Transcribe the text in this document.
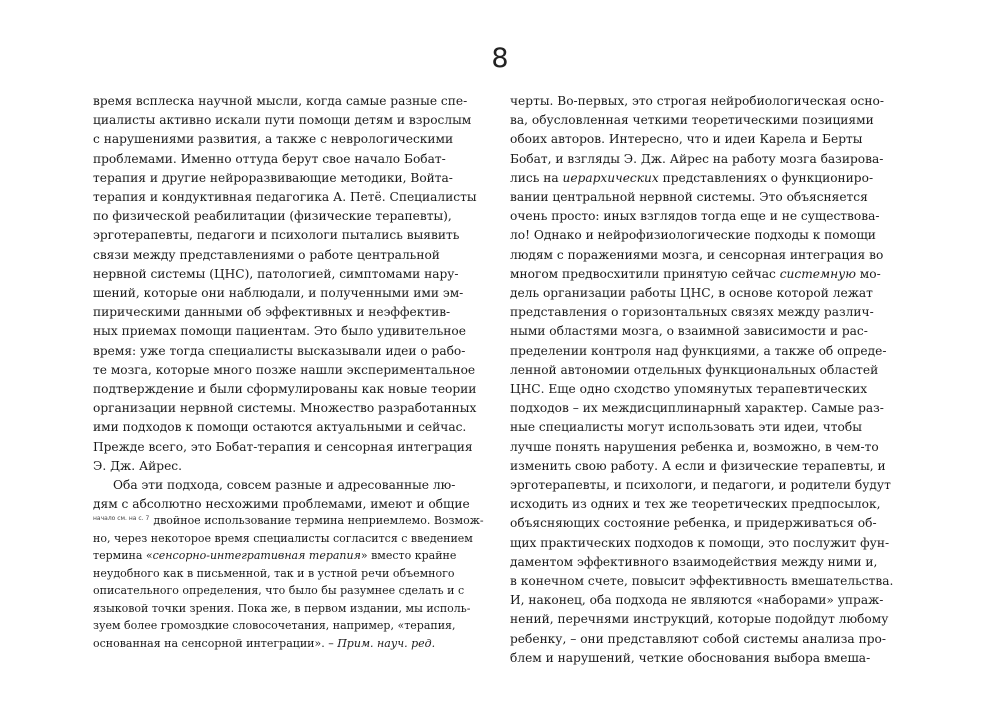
8
время всплеска научной мысли, когда самые разные спе-
циалисты активно искали пути помощи детям и взрослым
с нарушениями развития, а также с неврологическими
проблемами. Именно оттуда берут свое начало Бобат-
терапия и другие нейроразвивающие методики, Войта-
терапия и кондуктивная педагогика А. Петё. Специалисты
по физической реабилитации (физические терапевты),
эрготерапевты, педагоги и психологи пытались выявить
связи между представлениями о работе центральной
нервной системы (ЦНС), патологией, симптомами нару-
шений, которые они наблюдали, и полученными ими эм-
пирическими данными об эффективных и неэффектив-
ных приемах помощи пациентам. Это было удивительное
время: уже тогда специалисты высказывали идеи о рабо-
те мозга, которые много позже нашли экспериментальное
подтверждение и были сформулированы как новые теории
организации нервной системы. Множество разработанных
ими подходов к помощи остаются актуальными и сейчас.
Прежде всего, это Бобат-терапия и сенсорная интеграция
Э. Дж. Айрес.
Оба эти подхода, совсем разные и адресованные лю-
дям с абсолютно несхожими проблемами, имеют и общие
$^{начало см. на с. 7}$ двойное использование термина неприемлемо. Возмож-
но, через некоторое время специалисты согласится с введением
термина «сенсорно-интегративная терапия» вместо крайне
неудобного как в письменной, так и в устной речи объемного
описательного определения, что было бы разумнее сделать и с
языковой точки зрения. Пока же, в первом издании, мы исполь-
зуем более громоздкие словосочетания, например, «терапия,
основанная на сенсорной интеграции». – Прим. науч. ред.
черты. Во-первых, это строгая нейробиологическая осно-
ва, обусловленная четкими теоретическими позициями
обоих авторов. Интересно, что и идеи Карела и Берты
Бобат, и взгляды Э. Дж. Айрес на работу мозга базирова-
лись на иерархических представлениях о функциониро-
вании центральной нервной системы. Это объясняется
очень просто: иных взглядов тогда еще и не существова-
ло! Однако и нейрофизиологические подходы к помощи
людям с поражениями мозга, и сенсорная интеграция во
многом предвосхитили принятую сейчас системную мо-
дель организации работы ЦНС, в основе которой лежат
представления о горизонтальных связях между различ-
ными областями мозга, о взаимной зависимости и рас-
пределении контроля над функциями, а также об опреде-
ленной автономии отдельных функциональных областей
ЦНС. Еще одно сходство упомянутых терапевтических
подходов – их междисциплинарный характер. Самые раз-
ные специалисты могут использовать эти идеи, чтобы
лучше понять нарушения ребенка и, возможно, в чем-то
изменить свою работу. А если и физические терапевты, и
эрготерапевты, и психологи, и педагоги, и родители будут
исходить из одних и тех же теоретических предпосылок,
объясняющих состояние ребенка, и придерживаться об-
щих практических подходов к помощи, это послужит фун-
даментом эффективного взаимодействия между ними и,
в конечном счете, повысит эффективность вмешательства.
И, наконец, оба подхода не являются «наборами» упраж-
нений, перечнями инструкций, которые подойдут любому
ребенку, – они представляют собой системы анализа про-
блем и нарушений, четкие обоснования выбора вмеша-
